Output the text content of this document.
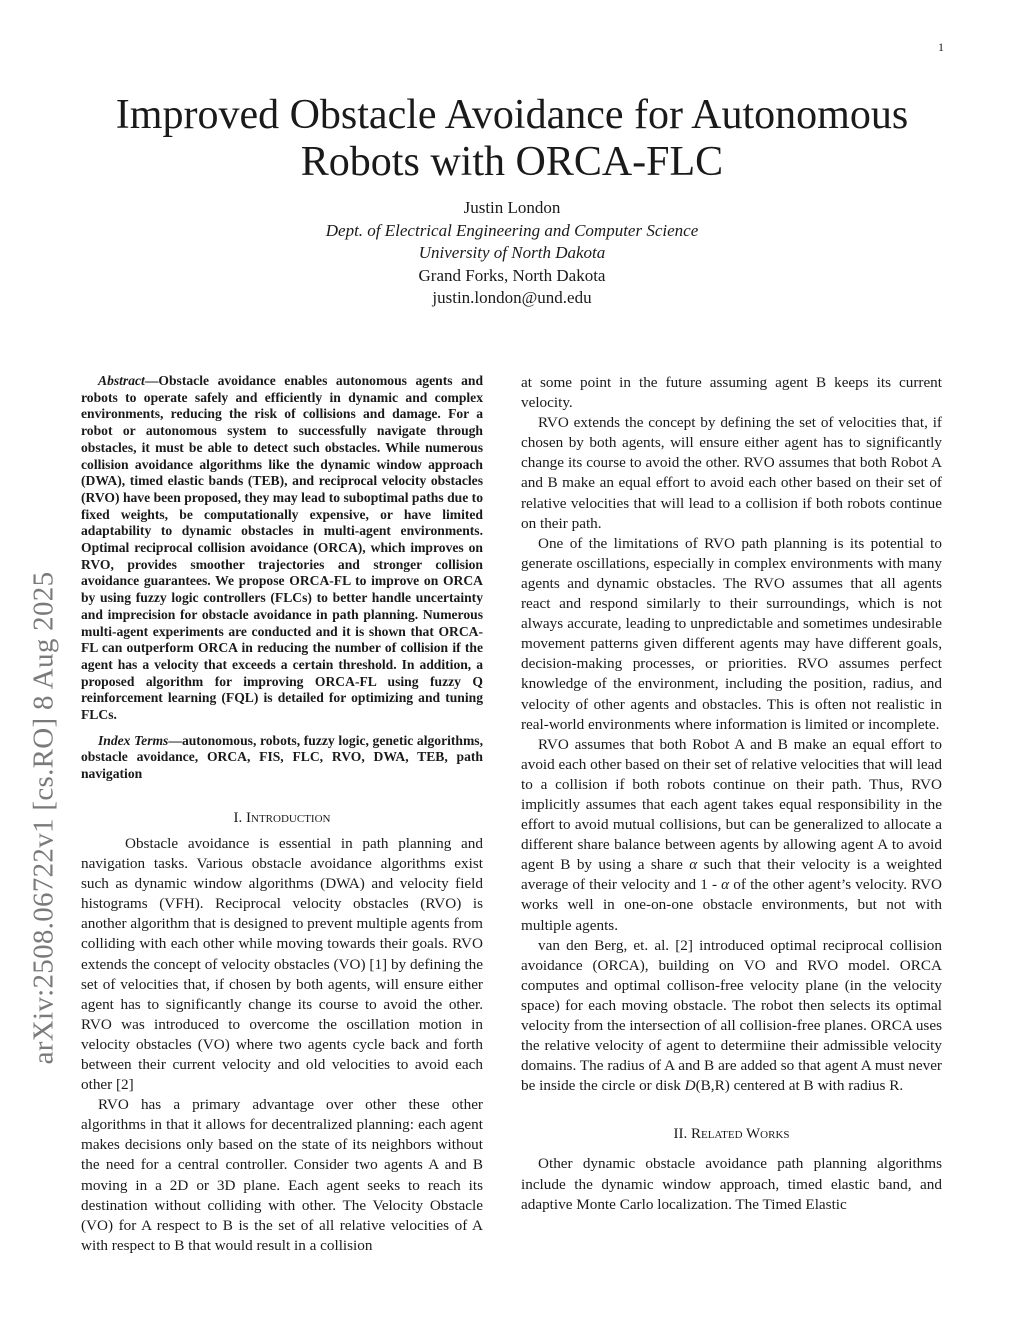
1
arXiv:2508.06722v1 [cs.RO] 8 Aug 2025
Improved Obstacle Avoidance for Autonomous Robots with ORCA-FLC
Justin London
Dept. of Electrical Engineering and Computer Science
University of North Dakota
Grand Forks, North Dakota
justin.london@und.edu

Abstract—Obstacle avoidance enables autonomous agents and robots to operate safely and efficiently in dynamic and complex environments, reducing the risk of collisions and damage. For a robot or autonomous system to successfully navigate through obstacles, it must be able to detect such obstacles. While numerous collision avoidance algorithms like the dynamic window approach (DWA), timed elastic bands (TEB), and reciprocal velocity obstacles (RVO) have been proposed, they may lead to suboptimal paths due to fixed weights, be computationally expensive, or have limited adaptability to dynamic obstacles in multi-agent environments. Optimal reciprocal collision avoidance (ORCA), which improves on RVO, provides smoother trajectories and stronger collision avoidance guarantees. We propose ORCA-FL to improve on ORCA by using fuzzy logic controllers (FLCs) to better handle uncertainty and imprecision for obstacle avoidance in path planning. Numerous multi-agent experiments are conducted and it is shown that ORCA-FL can outperform ORCA in reducing the number of collision if the agent has a velocity that exceeds a certain threshold. In addition, a proposed algorithm for improving ORCA-FL using fuzzy Q reinforcement learning (FQL) is detailed for optimizing and tuning FLCs.

Index Terms—autonomous, robots, fuzzy logic, genetic algorithms, obstacle avoidance, ORCA, FIS, FLC, RVO, DWA, TEB, path navigation

I. Introduction

Obstacle avoidance is essential in path planning and navigation tasks. Various obstacle avoidance algorithms exist such as dynamic window algorithms (DWA) and velocity field histograms (VFH). Reciprocal velocity obstacles (RVO) is another algorithm that is designed to prevent multiple agents from colliding with each other while moving towards their goals. RVO extends the concept of velocity obstacles (VO) [1] by defining the set of velocities that, if chosen by both agents, will ensure either agent has to significantly change its course to avoid the other. RVO was introduced to overcome the oscillation motion in velocity obstacles (VO) where two agents cycle back and forth between their current velocity and old velocities to avoid each other [2]

RVO has a primary advantage over other these other algorithms in that it allows for decentralized planning: each agent makes decisions only based on the state of its neighbors without the need for a central controller. Consider two agents A and B moving in a 2D or 3D plane. Each agent seeks to reach its destination without colliding with other. The Velocity Obstacle (VO) for A respect to B is the set of all relative velocities of A with respect to B that would result in a collision

at some point in the future assuming agent B keeps its current velocity.

RVO extends the concept by defining the set of velocities that, if chosen by both agents, will ensure either agent has to significantly change its course to avoid the other. RVO assumes that both Robot A and B make an equal effort to avoid each other based on their set of relative velocities that will lead to a collision if both robots continue on their path.

One of the limitations of RVO path planning is its potential to generate oscillations, especially in complex environments with many agents and dynamic obstacles. The RVO assumes that all agents react and respond similarly to their surroundings, which is not always accurate, leading to unpredictable and sometimes undesirable movement patterns given different agents may have different goals, decision-making processes, or priorities. RVO assumes perfect knowledge of the environment, including the position, radius, and velocity of other agents and obstacles. This is often not realistic in real-world environments where information is limited or incomplete.

RVO assumes that both Robot A and B make an equal effort to avoid each other based on their set of relative velocities that will lead to a collision if both robots continue on their path. Thus, RVO implicitly assumes that each agent takes equal responsibility in the effort to avoid mutual collisions, but can be generalized to allocate a different share balance between agents by allowing agent A to avoid agent B by using a share α such that their velocity is a weighted average of their velocity and 1 - α of the other agent’s velocity. RVO works well in one-on-one obstacle environments, but not with multiple agents.

van den Berg, et. al. [2] introduced optimal reciprocal collision avoidance (ORCA), building on VO and RVO model. ORCA computes and optimal collison-free velocity plane (in the velocity space) for each moving obstacle. The robot then selects its optimal velocity from the intersection of all collision-free planes. ORCA uses the relative velocity of agent to determiine their admissible velocity domains. The radius of A and B are added so that agent A must never be inside the circle or disk D(B,R) centered at B with radius R.

II. Related Works

Other dynamic obstacle avoidance path planning algorithms include the dynamic window approach, timed elastic band, and adaptive Monte Carlo localization. The Timed Elastic
